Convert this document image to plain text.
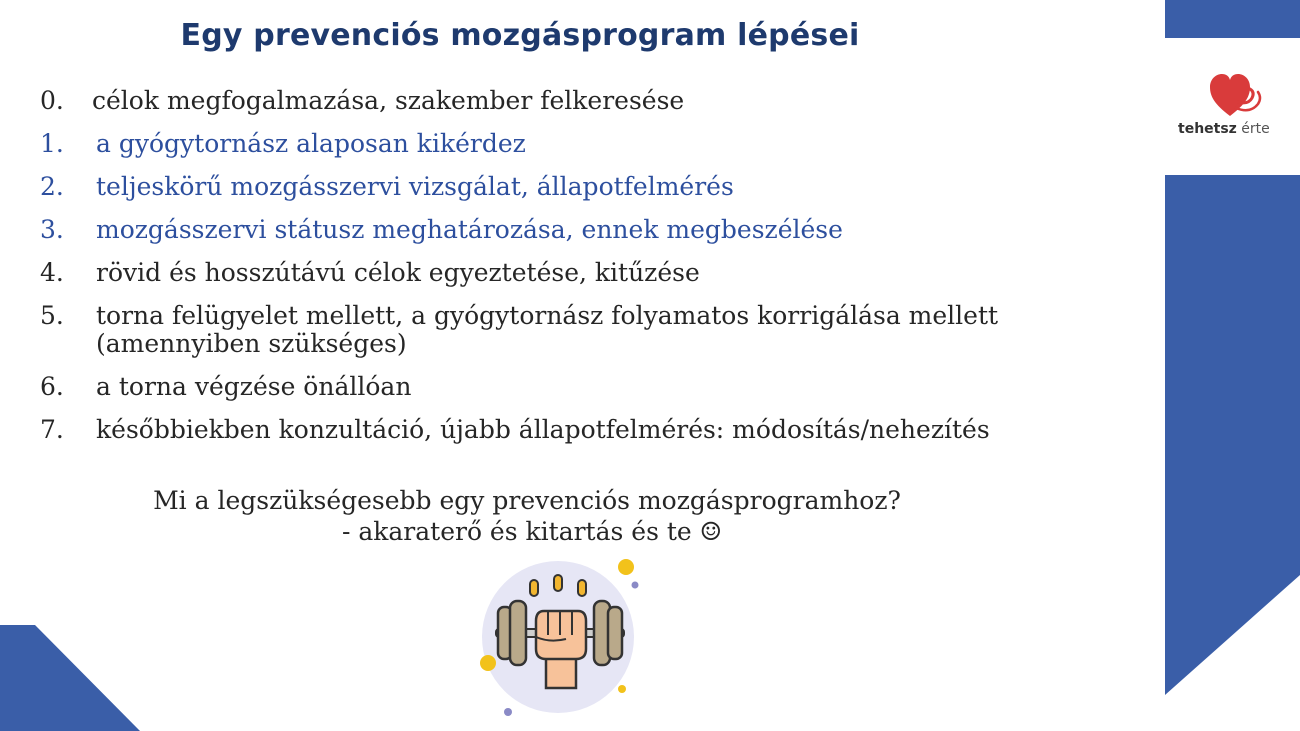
tehetsz érte
Egy prevenciós mozgásprogram lépései
0. célok megfogalmazása, szakember felkeresése
1. a gyógytornász alaposan kikérdez
2. teljeskörű mozgásszervi vizsgálat, állapotfelmérés
3. mozgásszervi státusz meghatározása, ennek megbeszélése
4. rövid és hosszútávú célok egyeztetése, kitűzése
5. torna felügyelet mellett, a gyógytornász folyamatos korrigálása mellett (amennyiben szükséges)
6. a torna végzése önállóan
7. későbbiekben konzultáció, újabb állapotfelmérés: módosítás/nehezítés
Mi a legszükségesebb egy prevenciós mozgásprogramhoz?
- akaraterő és kitartás és te ☺
